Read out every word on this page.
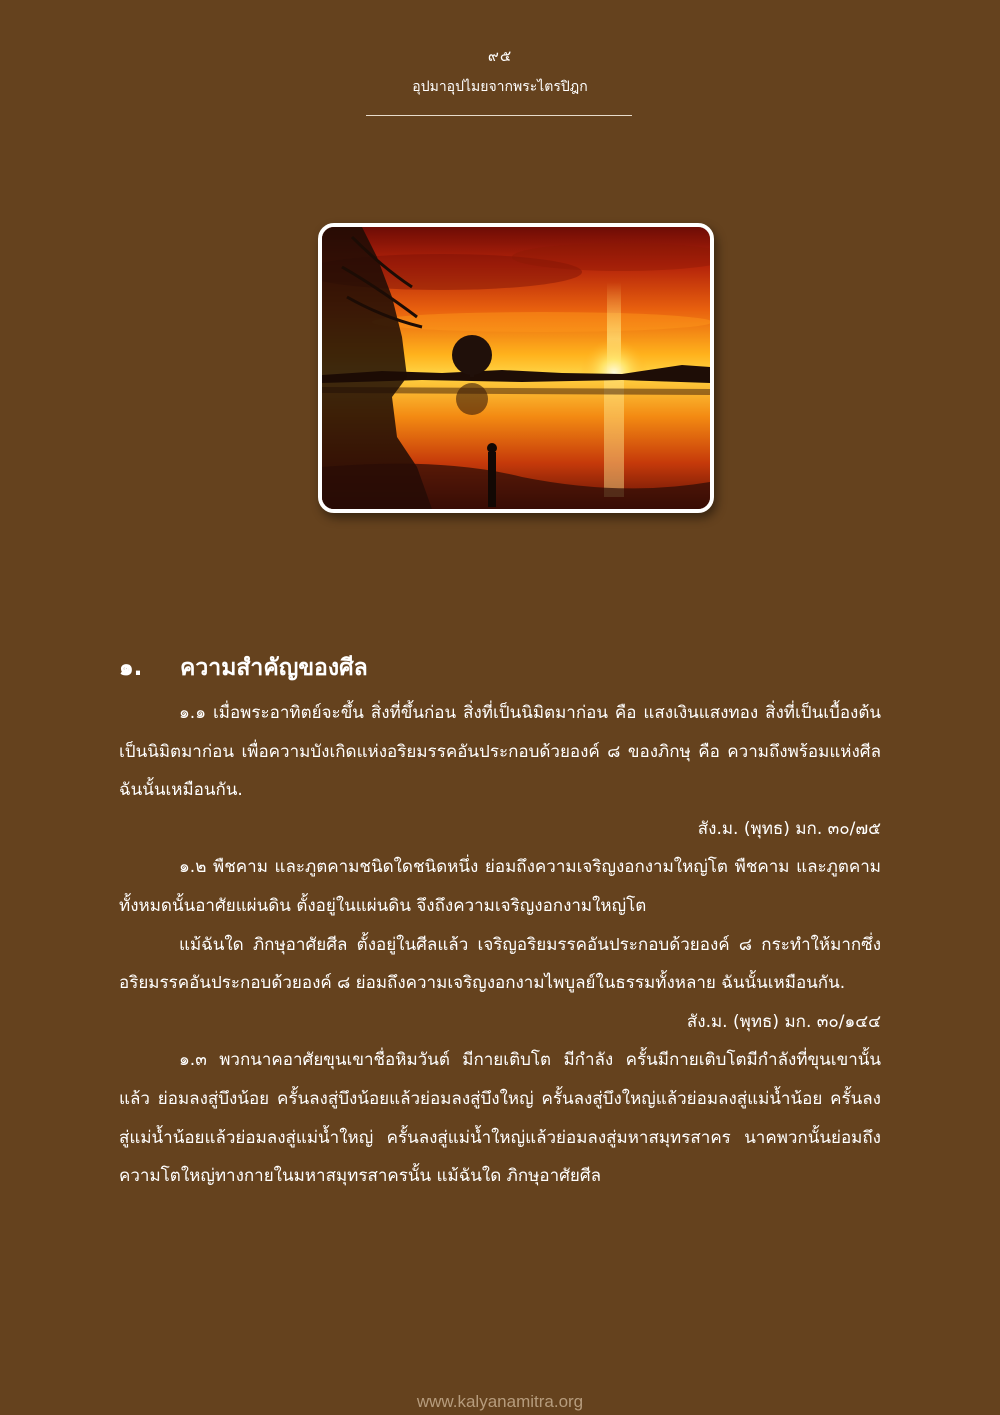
๙๕
อุปมาอุปไมยจากพระไตรปิฎก
๑. ความสำคัญของศีล

๑.๑ เมื่อพระอาทิตย์จะขึ้น สิ่งที่ขึ้นก่อน สิ่งที่เป็นนิมิตมาก่อน คือ แสงเงินแสงทอง สิ่งที่เป็นเบื้องต้นเป็นนิมิตมาก่อน เพื่อความบังเกิดแห่งอริยมรรคอันประกอบด้วยองค์ ๘ ของภิกษุ คือ ความถึงพร้อมแห่งศีล ฉันนั้นเหมือนกัน.

สัง.ม. (พุทธ) มก. ๓๐/๗๕

๑.๒ พืชคาม และภูตคามชนิดใดชนิดหนึ่ง ย่อมถึงความเจริญงอกงามใหญ่โต พืชคาม และภูตคามทั้งหมดนั้นอาศัยแผ่นดิน ตั้งอยู่ในแผ่นดิน จึงถึงความเจริญงอกงามใหญ่โต

แม้ฉันใด ภิกษุอาศัยศีล ตั้งอยู่ในศีลแล้ว เจริญอริยมรรคอันประกอบด้วยองค์ ๘ กระทำให้มากซึ่งอริยมรรคอันประกอบด้วยองค์ ๘ ย่อมถึงความเจริญงอกงามไพบูลย์ในธรรมทั้งหลาย ฉันนั้นเหมือนกัน.

สัง.ม. (พุทธ) มก. ๓๐/๑๔๔

๑.๓ พวกนาคอาศัยขุนเขาชื่อหิมวันต์ มีกายเติบโต มีกำลัง ครั้นมีกายเติบโตมีกำลังที่ขุนเขานั้นแล้ว ย่อมลงสู่บึงน้อย ครั้นลงสู่บึงน้อยแล้วย่อมลงสู่บึงใหญ่ ครั้นลงสู่บึงใหญ่แล้วย่อมลงสู่แม่น้ำน้อย ครั้นลงสู่แม่น้ำน้อยแล้วย่อมลงสู่แม่น้ำใหญ่ ครั้นลงสู่แม่น้ำใหญ่แล้วย่อมลงสู่มหาสมุทรสาคร นาคพวกนั้นย่อมถึงความโตใหญ่ทางกายในมหาสมุทรสาครนั้น แม้ฉันใด ภิกษุอาศัยศีล

www.kalyanamitra.org
